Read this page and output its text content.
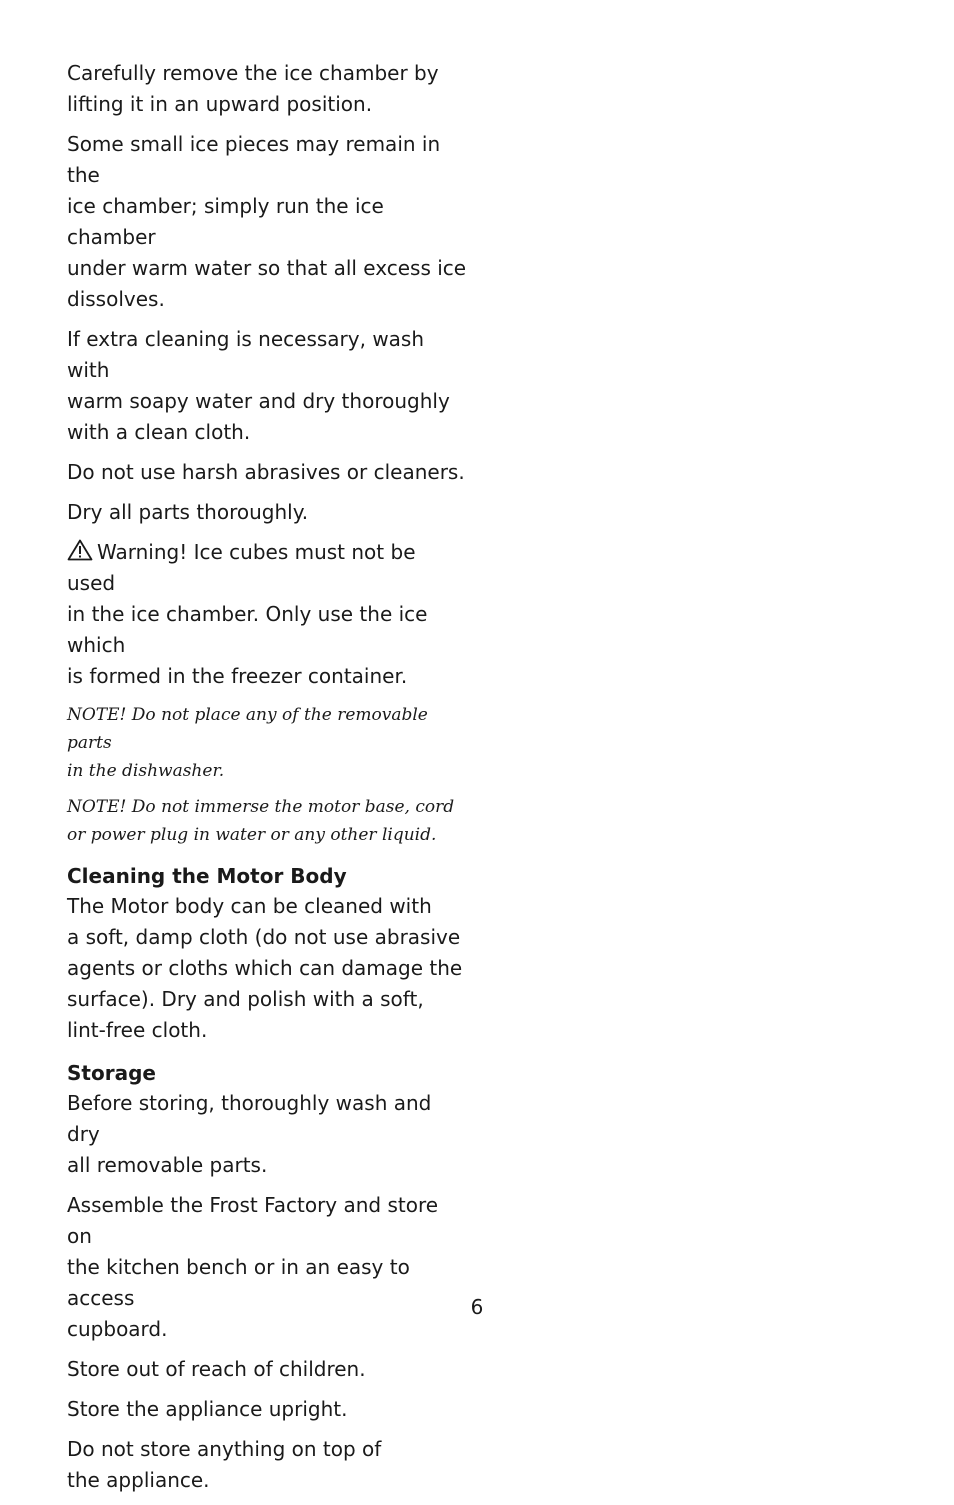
Carefully remove the ice chamber by
lifting it in an upward position.

Some small ice pieces may remain in the
ice chamber; simply run the ice chamber
under warm water so that all excess ice
dissolves.

If extra cleaning is necessary, wash with
warm soapy water and dry thoroughly
with a clean cloth.

Do not use harsh abrasives or cleaners.

Dry all parts thoroughly.

Warning! Ice cubes must not be used
in the ice chamber. Only use the ice which
is formed in the freezer container.

NOTE! Do not place any of the removable parts
in the dishwasher.

NOTE! Do not immerse the motor base, cord
or power plug in water or any other liquid.

Cleaning the Motor Body

The Motor body can be cleaned with
a soft, damp cloth (do not use abrasive
agents or cloths which can damage the
surface). Dry and polish with a soft,
lint-free cloth.

Storage

Before storing, thoroughly wash and dry
all removable parts.

Assemble the Frost Factory and store on
the kitchen bench or in an easy to access
cupboard.

Store out of reach of children.

Store the appliance upright.

Do not store anything on top of
the appliance.

6
